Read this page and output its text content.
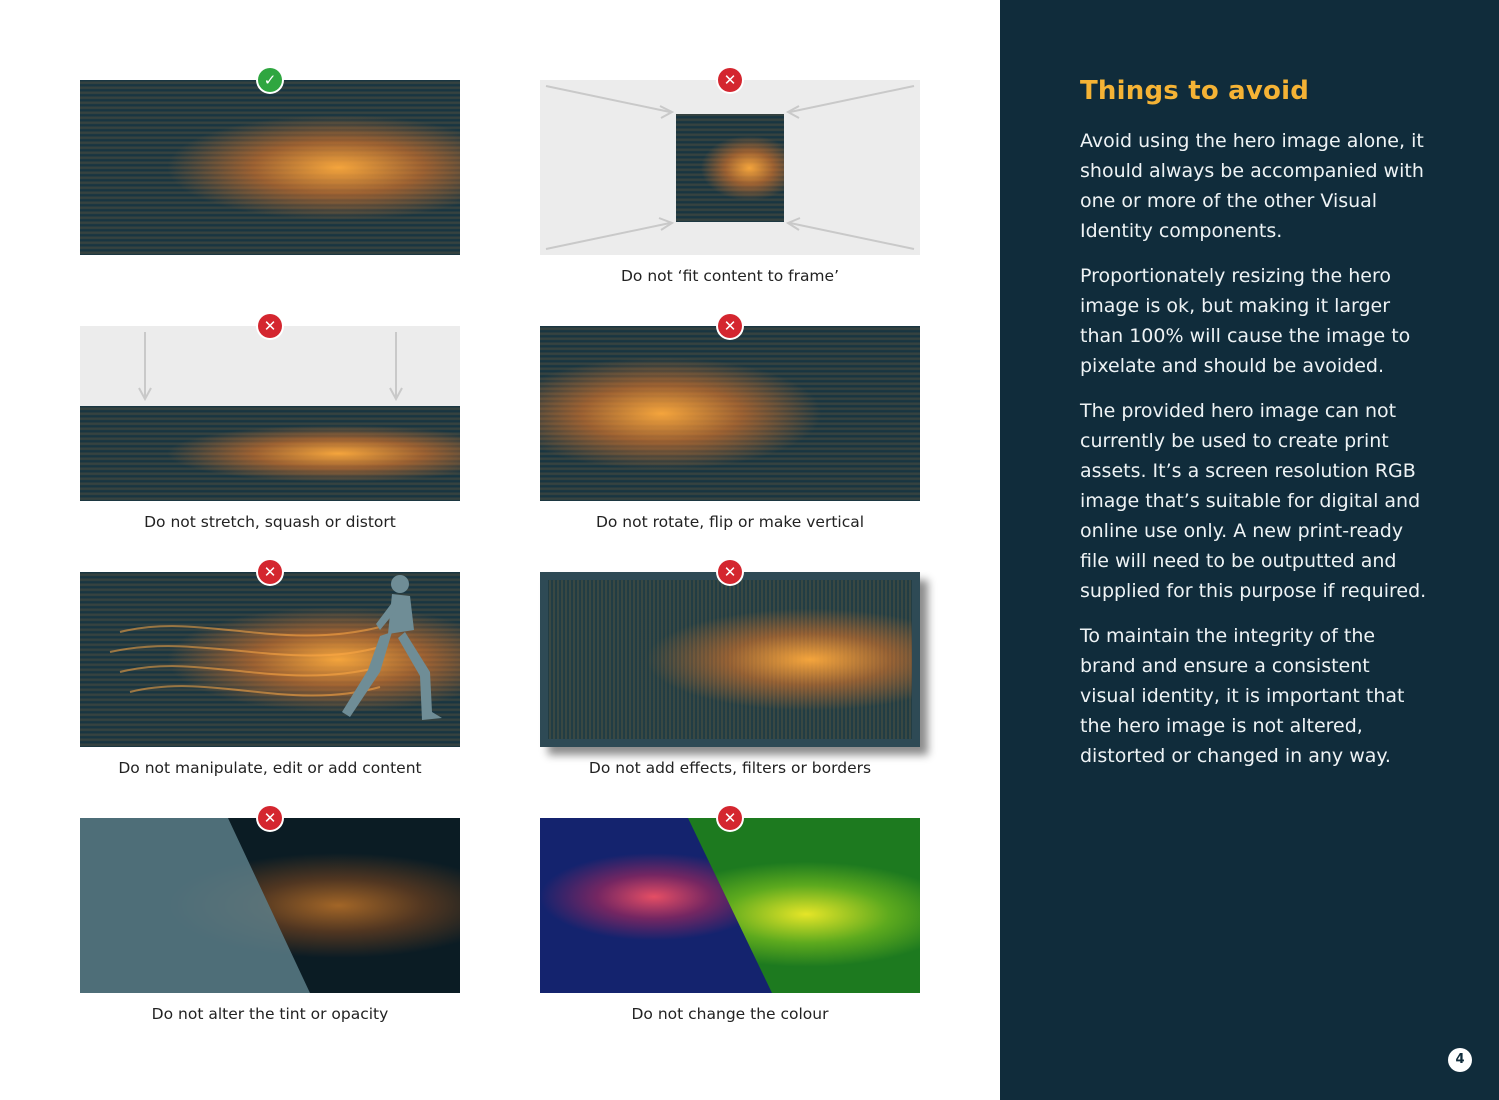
✓	✕
Do not ‘fit content to frame’
✕
Do not stretch, squash or distort
✕
Do not rotate, flip or make vertical
✕
Do not manipulate, edit or add content
✕
Do not add effects, filters or borders
✕
Do not alter the tint or opacity
✕
Do not change the colour
Things to avoid

Avoid using the hero image alone, it should always be accompanied with one or more of the other Visual Identity components.

Proportionately resizing the hero image is ok, but making it larger than 100% will cause the image to pixelate and should be avoided.

The provided hero image can not currently be used to create print assets. It’s a screen resolution RGB image that’s suitable for digital and online use only. A new print-ready file will need to be outputted and supplied for this purpose if required.

To maintain the integrity of the brand and ensure a consistent visual identity, it is important that the hero image is not altered, distorted or changed in any way.

4
